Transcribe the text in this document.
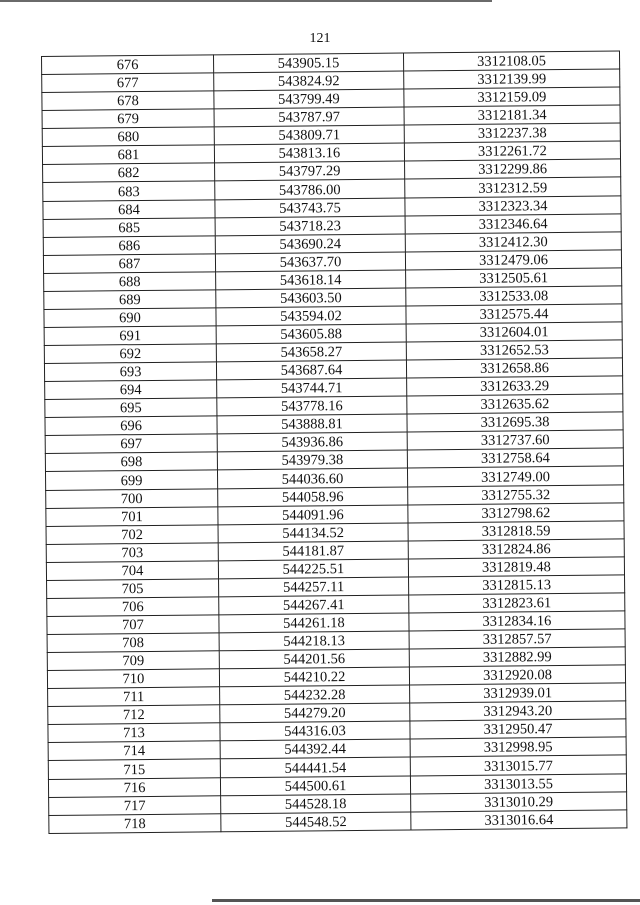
121
676	543905.15	3312108.05
677	543824.92	3312139.99
678	543799.49	3312159.09
679	543787.97	3312181.34
680	543809.71	3312237.38
681	543813.16	3312261.72
682	543797.29	3312299.86
683	543786.00	3312312.59
684	543743.75	3312323.34
685	543718.23	3312346.64
686	543690.24	3312412.30
687	543637.70	3312479.06
688	543618.14	3312505.61
689	543603.50	3312533.08
690	543594.02	3312575.44
691	543605.88	3312604.01
692	543658.27	3312652.53
693	543687.64	3312658.86
694	543744.71	3312633.29
695	543778.16	3312635.62
696	543888.81	3312695.38
697	543936.86	3312737.60
698	543979.38	3312758.64
699	544036.60	3312749.00
700	544058.96	3312755.32
701	544091.96	3312798.62
702	544134.52	3312818.59
703	544181.87	3312824.86
704	544225.51	3312819.48
705	544257.11	3312815.13
706	544267.41	3312823.61
707	544261.18	3312834.16
708	544218.13	3312857.57
709	544201.56	3312882.99
710	544210.22	3312920.08
711	544232.28	3312939.01
712	544279.20	3312943.20
713	544316.03	3312950.47
714	544392.44	3312998.95
715	544441.54	3313015.77
716	544500.61	3313013.55
717	544528.18	3313010.29
718	544548.52	3313016.64
